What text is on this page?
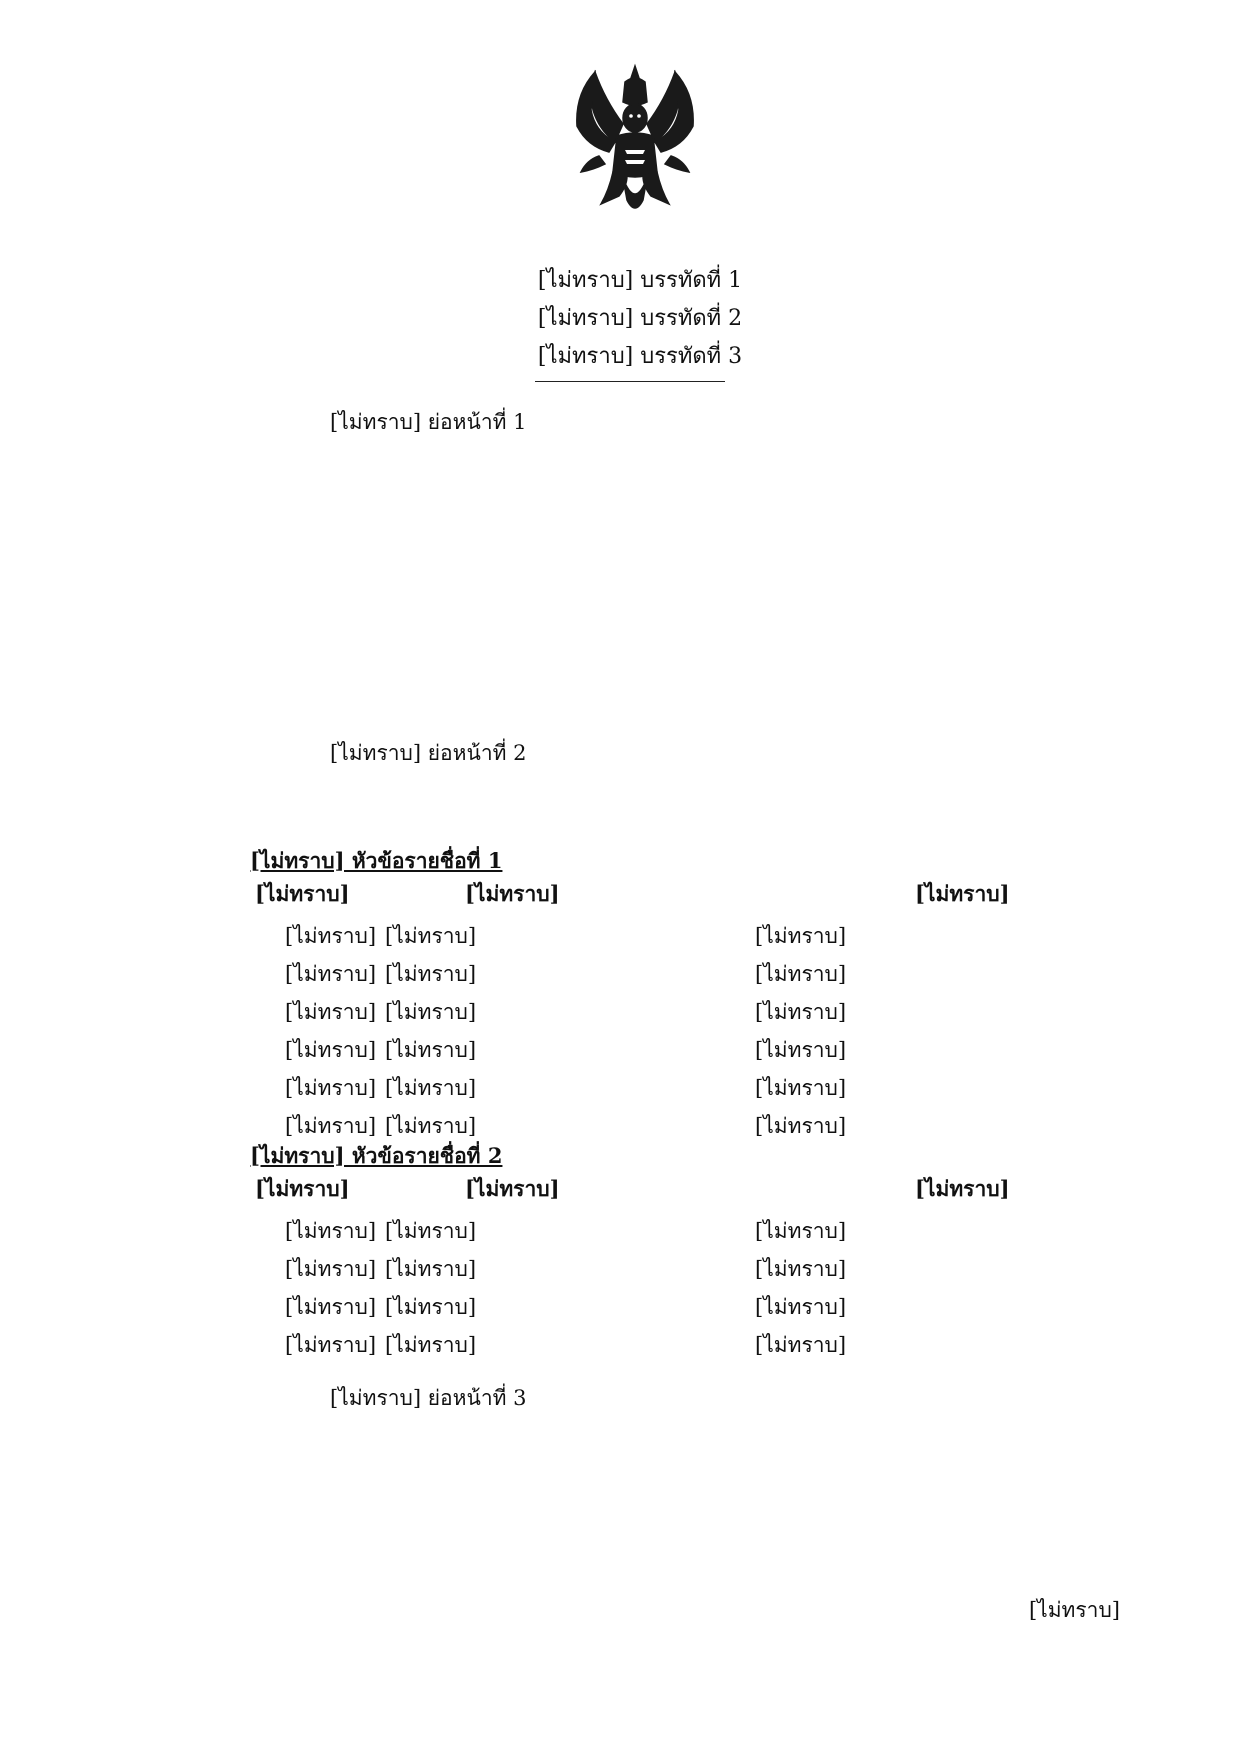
[ไม่ทราบ] บรรทัดที่ 1
[ไม่ทราบ] บรรทัดที่ 2
[ไม่ทราบ] บรรทัดที่ 3

[ไม่ทราบ] ย่อหน้าที่ 1

[ไม่ทราบ] ย่อหน้าที่ 2

[ไม่ทราบ] หัวข้อรายชื่อที่ 1
[ไม่ทราบ]	[ไม่ทราบ]	[ไม่ทราบ]
[ไม่ทราบ] [ไม่ทราบ]	[ไม่ทราบ]
[ไม่ทราบ] [ไม่ทราบ]	[ไม่ทราบ]
[ไม่ทราบ] [ไม่ทราบ]	[ไม่ทราบ]
[ไม่ทราบ] [ไม่ทราบ]	[ไม่ทราบ]
[ไม่ทราบ] [ไม่ทราบ]	[ไม่ทราบ]
[ไม่ทราบ] [ไม่ทราบ]	[ไม่ทราบ]
[ไม่ทราบ] หัวข้อรายชื่อที่ 2
[ไม่ทราบ]	[ไม่ทราบ]	[ไม่ทราบ]
[ไม่ทราบ] [ไม่ทราบ]	[ไม่ทราบ]
[ไม่ทราบ] [ไม่ทราบ]	[ไม่ทราบ]
[ไม่ทราบ] [ไม่ทราบ]	[ไม่ทราบ]
[ไม่ทราบ] [ไม่ทราบ]	[ไม่ทราบ]

[ไม่ทราบ] ย่อหน้าที่ 3

[ไม่ทราบ]
